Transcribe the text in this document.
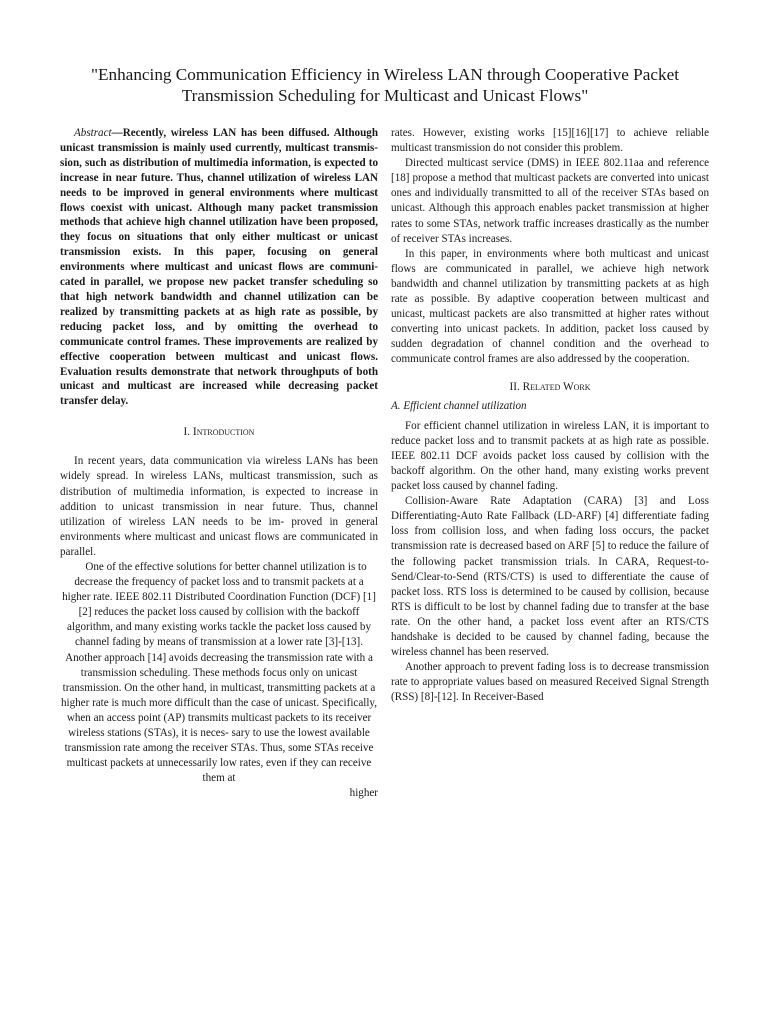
"Enhancing Communication Efficiency in Wireless LAN through Cooperative Packet
Transmission Scheduling for Multicast and Unicast Flows"

Abstract—Recently, wireless LAN has been diffused. Although unicast transmission is mainly used currently, multicast transmis- sion, such as distribution of multimedia information, is expected to increase in near future. Thus, channel utilization of wireless LAN needs to be improved in general environments where multicast flows coexist with unicast. Although many packet transmission methods that achieve high channel utilization have been proposed, they focus on situations that only either multicast or unicast transmission exists. In this paper, focusing on general environments where multicast and unicast flows are communi- cated in parallel, we propose new packet transfer scheduling so that high network bandwidth and channel utilization can be realized by transmitting packets at as high rate as possible, by reducing packet loss, and by omitting the overhead to communicate control frames. These improvements are realized by effective cooperation between multicast and unicast flows. Evaluation results demonstrate that network throughputs of both unicast and multicast are increased while decreasing packet transfer delay.

I. Introduction

In recent years, data communication via wireless LANs has been widely spread. In wireless LANs, multicast transmission, such as distribution of multimedia information, is expected to increase in addition to unicast transmission in near future. Thus, channel utilization of wireless LAN needs to be im- proved in general environments where multicast and unicast flows are communicated in parallel.

One of the effective solutions for better channel utilization is to decrease the frequency of packet loss and to transmit packets at a higher rate. IEEE 802.11 Distributed Coordination Function (DCF) [1][2] reduces the packet loss caused by collision with the backoff algorithm, and many existing works tackle the packet loss caused by channel fading by means of transmission at a lower rate [3]-[13]. Another approach [14] avoids decreasing the transmission rate with a transmission scheduling. These methods focus only on unicast transmission. On the other hand, in multicast, transmitting packets at a higher rate is much more difficult than the case of unicast. Specifically, when an access point (AP) transmits multicast packets to its receiver wireless stations (STAs), it is neces- sary to use the lowest available transmission rate among the receiver STAs. Thus, some STAs receive multicast packets at unnecessarily low rates, even if they can receive them at

higher

rates. However, existing works [15][16][17] to achieve reliable multicast transmission do not consider this problem.

Directed multicast service (DMS) in IEEE 802.11aa and reference [18] propose a method that multicast packets are converted into unicast ones and individually transmitted to all of the receiver STAs based on unicast. Although this approach enables packet transmission at higher rates to some STAs, network traffic increases drastically as the number of receiver STAs increases.

In this paper, in environments where both multicast and unicast flows are communicated in parallel, we achieve high network bandwidth and channel utilization by transmitting packets at as high rate as possible. By adaptive cooperation between multicast and unicast, multicast packets are also transmitted at higher rates without converting into unicast packets. In addition, packet loss caused by sudden degradation of channel condition and the overhead to communicate control frames are also addressed by the cooperation.

II. Related Work

A. Efficient channel utilization

For efficient channel utilization in wireless LAN, it is important to reduce packet loss and to transmit packets at as high rate as possible. IEEE 802.11 DCF avoids packet loss caused by collision with the backoff algorithm. On the other hand, many existing works prevent packet loss caused by channel fading.

Collision-Aware Rate Adaptation (CARA) [3] and Loss Differentiating-Auto Rate Fallback (LD-ARF) [4] differentiate fading loss from collision loss, and when fading loss occurs, the packet transmission rate is decreased based on ARF [5] to reduce the failure of the following packet transmission trials. In CARA, Request-to-Send/Clear-to-Send (RTS/CTS) is used to differentiate the cause of packet loss. RTS loss is determined to be caused by collision, because RTS is difficult to be lost by channel fading due to transfer at the base rate. On the other hand, a packet loss event after an RTS/CTS handshake is decided to be caused by channel fading, because the wireless channel has been reserved.

Another approach to prevent fading loss is to decrease transmission rate to appropriate values based on measured Received Signal Strength (RSS) [8]-[12]. In Receiver-Based
